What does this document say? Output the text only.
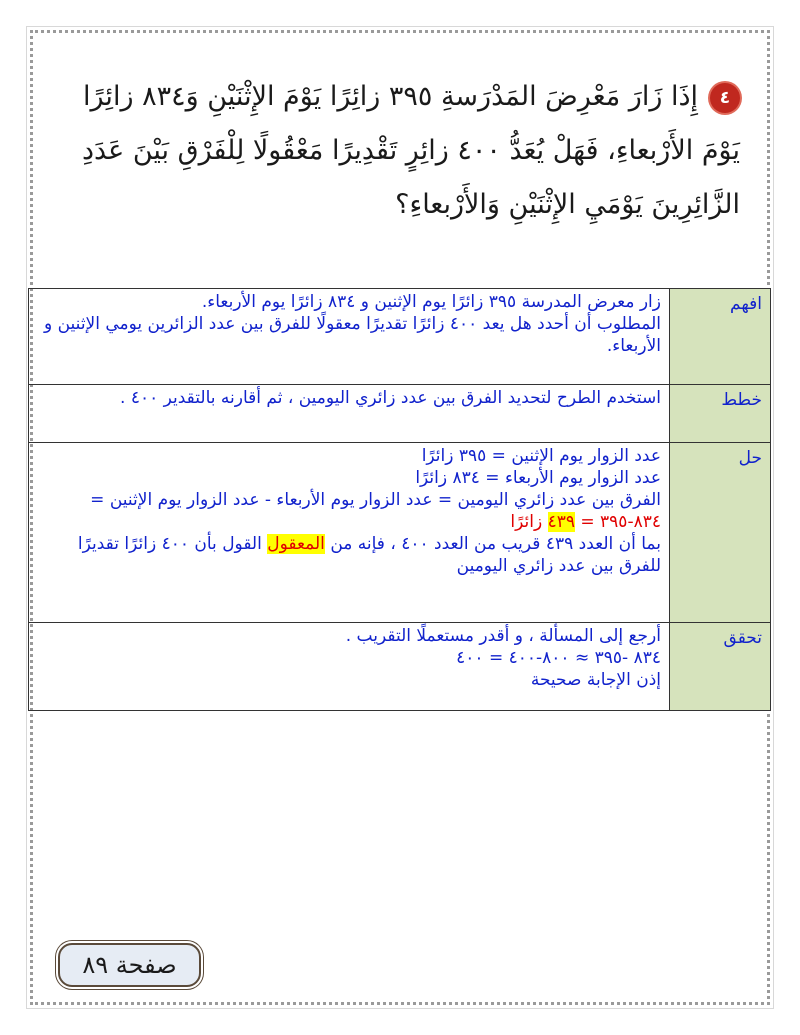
٤إِذَا زَارَ مَعْرِضَ المَدْرَسةِ ٣٩٥ زائِرًا يَوْمَ الإِثْنَيْنِ وَ٨٣٤ زائِرًا يَوْمَ الأَرْبعاءِ، فَهَلْ يُعَدُّ ٤٠٠ زائِرٍ تَقْدِيرًا مَعْقُولًا لِلْفَرْقِ بَيْنَ عَدَدِ الزَّائِرِينَ يَوْمَيِ الإِثْنَيْنِ وَالأَرْبعاءِ؟
افهم	زار معرض المدرسة ٣٩٥ زائرًا يوم الإثنين و ٨٣٤ زائرًا يوم الأربعاء.
المطلوب أن أحدد هل يعد ٤٠٠ زائرًا تقديرًا معقولًا للفرق بين عدد الزائرين يومي الإثنين و الأربعاء.

خطط	استخدم الطرح لتحديد الفرق بين عدد زائري اليومين ، ثم أقارنه بالتقدير ٤٠٠ .
حل	عدد الزوار يوم الإثنين = ٣٩٥ زائرًا
عدد الزوار يوم الأربعاء = ٨٣٤ زائرًا
الفرق بين عدد زائري اليومين = عدد الزوار يوم الأربعاء - عدد الزوار يوم الإثنين = ٨٣٤-٣٩٥ = ٤٣٩ زائرًا
بما أن العدد ٤٣٩ قريب من العدد ٤٠٠ ، فإنه من المعقول القول بأن ٤٠٠ زائرًا تقديرًا للفرق بين عدد زائري اليومين

تحقق	أرجع إلى المسألة ، و أقدر مستعملًا التقريب .
٨٣٤ -٣٩٥ ≈ ٨٠٠-٤٠٠ = ٤٠٠
إذن الإجابة صحيحة
صفحة ٨٩
